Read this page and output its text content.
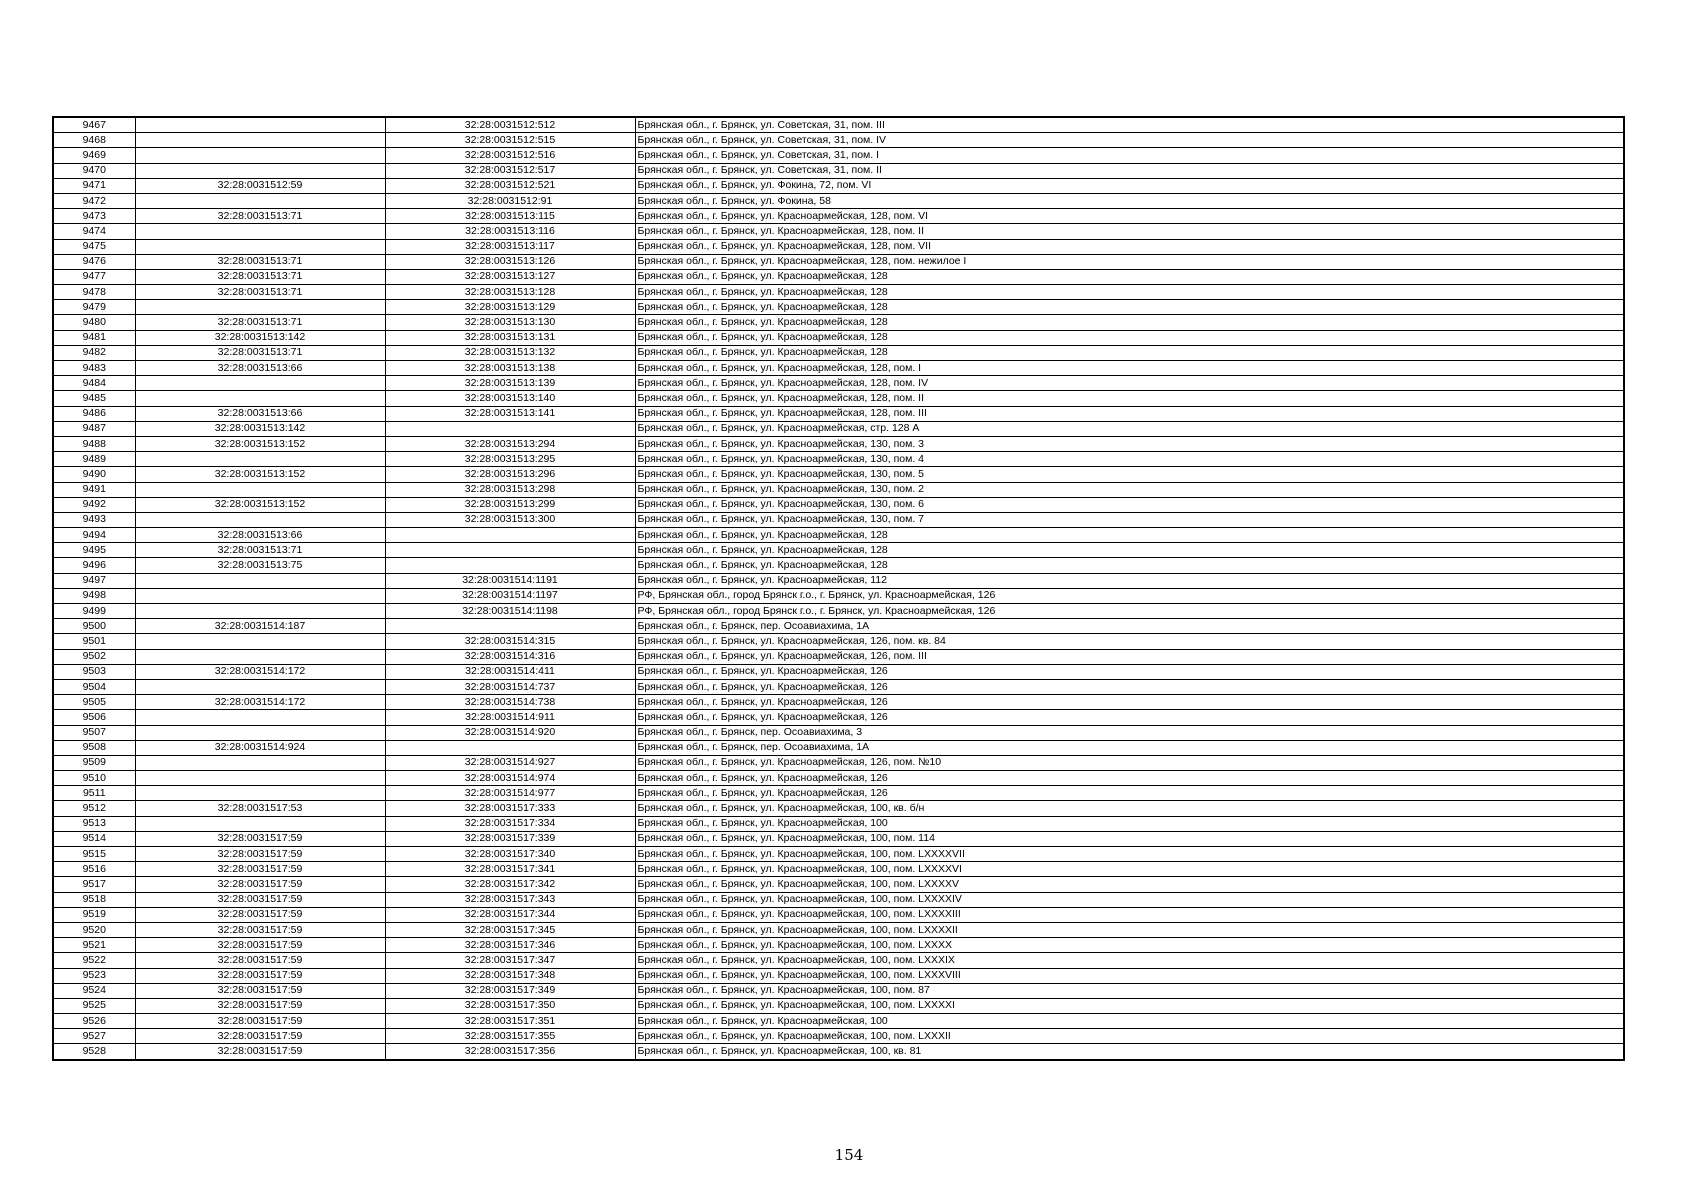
9467		32:28:0031512:512	Брянская обл., г. Брянск, ул. Советская, 31, пом. III
9468		32:28:0031512:515	Брянская обл., г. Брянск, ул. Советская, 31, пом. IV
9469		32:28:0031512:516	Брянская обл., г. Брянск, ул. Советская, 31, пом. I
9470		32:28:0031512:517	Брянская обл., г. Брянск, ул. Советская, 31, пом. II
9471	32:28:0031512:59	32:28:0031512:521	Брянская обл., г. Брянск, ул. Фокина, 72, пом. VI
9472		32:28:0031512:91	Брянская обл., г. Брянск, ул. Фокина, 58
9473	32:28:0031513:71	32:28:0031513:115	Брянская обл., г. Брянск, ул. Красноармейская, 128, пом. VI
9474		32:28:0031513:116	Брянская обл., г. Брянск, ул. Красноармейская, 128, пом. II
9475		32:28:0031513:117	Брянская обл., г. Брянск, ул. Красноармейская, 128, пом. VII
9476	32:28:0031513:71	32:28:0031513:126	Брянская обл., г. Брянск, ул. Красноармейская, 128, пом. нежилое I
9477	32:28:0031513:71	32:28:0031513:127	Брянская обл., г. Брянск, ул. Красноармейская, 128
9478	32:28:0031513:71	32:28:0031513:128	Брянская обл., г. Брянск, ул. Красноармейская, 128
9479		32:28:0031513:129	Брянская обл., г. Брянск, ул. Красноармейская, 128
9480	32:28:0031513:71	32:28:0031513:130	Брянская обл., г. Брянск, ул. Красноармейская, 128
9481	32:28:0031513:142	32:28:0031513:131	Брянская обл., г. Брянск, ул. Красноармейская, 128
9482	32:28:0031513:71	32:28:0031513:132	Брянская обл., г. Брянск, ул. Красноармейская, 128
9483	32:28:0031513:66	32:28:0031513:138	Брянская обл., г. Брянск, ул. Красноармейская, 128, пом. I
9484		32:28:0031513:139	Брянская обл., г. Брянск, ул. Красноармейская, 128, пом. IV
9485		32:28:0031513:140	Брянская обл., г. Брянск, ул. Красноармейская, 128, пом. II
9486	32:28:0031513:66	32:28:0031513:141	Брянская обл., г. Брянск, ул. Красноармейская, 128, пом. III
9487	32:28:0031513:142		Брянская обл., г. Брянск, ул. Красноармейская, стр. 128 А
9488	32:28:0031513:152	32:28:0031513:294	Брянская обл., г. Брянск, ул. Красноармейская, 130, пом. 3
9489		32:28:0031513:295	Брянская обл., г. Брянск, ул. Красноармейская, 130, пом. 4
9490	32:28:0031513:152	32:28:0031513:296	Брянская обл., г. Брянск, ул. Красноармейская, 130, пом. 5
9491		32:28:0031513:298	Брянская обл., г. Брянск, ул. Красноармейская, 130, пом. 2
9492	32:28:0031513:152	32:28:0031513:299	Брянская обл., г. Брянск, ул. Красноармейская, 130, пом. 6
9493		32:28:0031513:300	Брянская обл., г. Брянск, ул. Красноармейская, 130, пом. 7
9494	32:28:0031513:66		Брянская обл., г. Брянск, ул. Красноармейская, 128
9495	32:28:0031513:71		Брянская обл., г. Брянск, ул. Красноармейская, 128
9496	32:28:0031513:75		Брянская обл., г. Брянск, ул. Красноармейская, 128
9497		32:28:0031514:1191	Брянская обл., г. Брянск, ул. Красноармейская, 112
9498		32:28:0031514:1197	РФ, Брянская обл., город Брянск г.о., г. Брянск, ул. Красноармейская, 126
9499		32:28:0031514:1198	РФ, Брянская обл., город Брянск г.о., г. Брянск, ул. Красноармейская, 126
9500	32:28:0031514:187		Брянская обл., г. Брянск, пер. Осоавиахима, 1А
9501		32:28:0031514:315	Брянская обл., г. Брянск, ул. Красноармейская, 126, пом. кв. 84
9502		32:28:0031514:316	Брянская обл., г. Брянск, ул. Красноармейская, 126, пом. III
9503	32:28:0031514:172	32:28:0031514:411	Брянская обл., г. Брянск, ул. Красноармейская, 126
9504		32:28:0031514:737	Брянская обл., г. Брянск, ул. Красноармейская, 126
9505	32:28:0031514:172	32:28:0031514:738	Брянская обл., г. Брянск, ул. Красноармейская, 126
9506		32:28:0031514:911	Брянская обл., г. Брянск, ул. Красноармейская, 126
9507		32:28:0031514:920	Брянская обл., г. Брянск, пер. Осоавиахима, 3
9508	32:28:0031514:924		Брянская обл., г. Брянск, пер. Осоавиахима, 1А
9509		32:28:0031514:927	Брянская обл., г. Брянск, ул. Красноармейская, 126, пом. №10
9510		32:28:0031514:974	Брянская обл., г. Брянск, ул. Красноармейская, 126
9511		32:28:0031514:977	Брянская обл., г. Брянск, ул. Красноармейская, 126
9512	32:28:0031517:53	32:28:0031517:333	Брянская обл., г. Брянск, ул. Красноармейская, 100, кв. б/н
9513		32:28:0031517:334	Брянская обл., г. Брянск, ул. Красноармейская, 100
9514	32:28:0031517:59	32:28:0031517:339	Брянская обл., г. Брянск, ул. Красноармейская, 100, пом. 114
9515	32:28:0031517:59	32:28:0031517:340	Брянская обл., г. Брянск, ул. Красноармейская, 100, пом. LXXXXVII
9516	32:28:0031517:59	32:28:0031517:341	Брянская обл., г. Брянск, ул. Красноармейская, 100, пом. LXXXXVI
9517	32:28:0031517:59	32:28:0031517:342	Брянская обл., г. Брянск, ул. Красноармейская, 100, пом. LXXXXV
9518	32:28:0031517:59	32:28:0031517:343	Брянская обл., г. Брянск, ул. Красноармейская, 100, пом. LXXXXIV
9519	32:28:0031517:59	32:28:0031517:344	Брянская обл., г. Брянск, ул. Красноармейская, 100, пом. LXXXXIII
9520	32:28:0031517:59	32:28:0031517:345	Брянская обл., г. Брянск, ул. Красноармейская, 100, пом. LXXXXII
9521	32:28:0031517:59	32:28:0031517:346	Брянская обл., г. Брянск, ул. Красноармейская, 100, пом. LXXXX
9522	32:28:0031517:59	32:28:0031517:347	Брянская обл., г. Брянск, ул. Красноармейская, 100, пом. LXXXIX
9523	32:28:0031517:59	32:28:0031517:348	Брянская обл., г. Брянск, ул. Красноармейская, 100, пом. LXXXVIII
9524	32:28:0031517:59	32:28:0031517:349	Брянская обл., г. Брянск, ул. Красноармейская, 100, пом. 87
9525	32:28:0031517:59	32:28:0031517:350	Брянская обл., г. Брянск, ул. Красноармейская, 100, пом. LXXXXI
9526	32:28:0031517:59	32:28:0031517:351	Брянская обл., г. Брянск, ул. Красноармейская, 100
9527	32:28:0031517:59	32:28:0031517:355	Брянская обл., г. Брянск, ул. Красноармейская, 100, пом. LXXXII
9528	32:28:0031517:59	32:28:0031517:356	Брянская обл., г. Брянск, ул. Красноармейская, 100, кв. 81
154
